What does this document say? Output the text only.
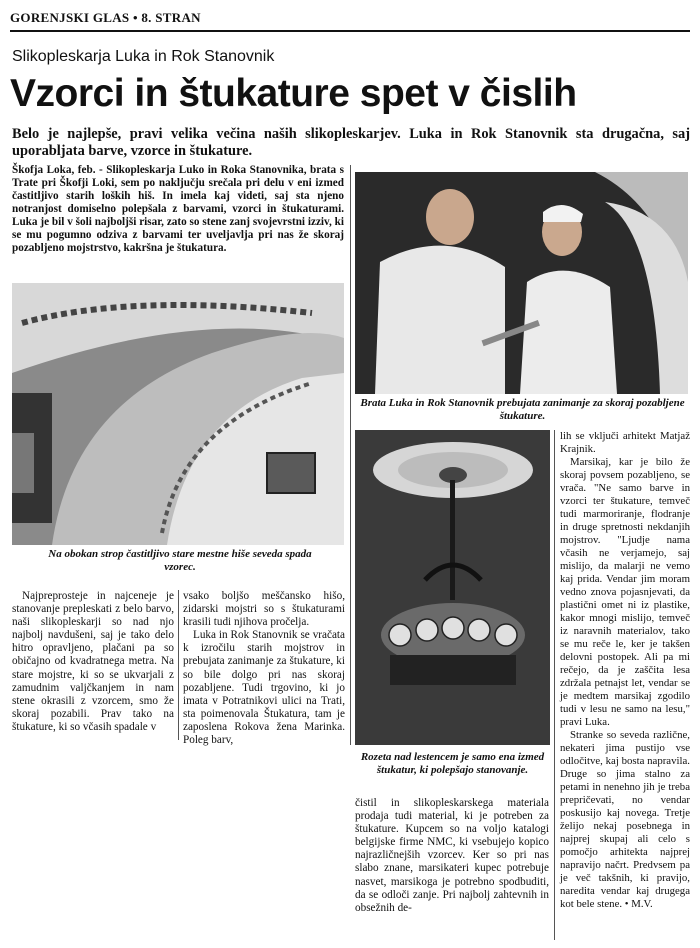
GORENJSKI GLAS • 8. STRAN
Slikopleskarja Luka in Rok Stanovnik
Vzorci in štukature spet v čislih
Belo je najlepše, pravi velika večina naših slikopleskarjev. Luka in Rok Stanovnik sta drugačna, saj uporabljata barve, vzorce in štukature.
Škofja Loka, feb. - Slikopleskarja Luko in Roka Stanovnika, brata s Trate pri Škofji Loki, sem po naključju srečala pri delu v eni izmed častitljivo starih loških hiš. In imela kaj videti, saj sta njeno notranjost domiselno polepšala z barvami, vzorci in štukaturami. Luka je bil v šoli najboljši risar, zato so stene zanj svojevrstni izziv, ki se mu pogumno odziva z barvami ter uveljavlja pri nas že skoraj pozabljeno mojstrstvo, kakršna je štukatura.
Na obokan strop častitljivo stare mestne hiše seveda spada vzorec.
Brata Luka in Rok Stanovnik prebujata zanimanje za skoraj pozabljene štukature.
Rozeta nad lestencem je samo ena izmed štukatur, ki polepšajo stanovanje.

Najpreprosteje in najceneje je stanovanje prepleskati z belo barvo, naši slikopleskarji so nad njo najbolj navdušeni, saj je tako delo hitro opravljeno, plačani pa so običajno od kvadratnega metra. Na stare mojstre, ki so se ukvarjali z zamudnim valjčkanjem in nam stene okrasili z vzorcem, smo že skoraj pozabili. Prav tako na štukature, ki so včasih spadale v

vsako boljšo meščansko hišo, zidarski mojstri so s štukaturami krasili tudi njihova pročelja.

Luka in Rok Stanovnik se vračata k izročilu starih mojstrov in prebujata zanimanje za štukature, ki so bile dolgo pri nas skoraj pozabljene. Tudi trgovino, ki jo imata v Potratnikovi ulici na Trati, sta poimenovala Štukatura, tam je zaposlena Rokova žena Marinka. Poleg barv,

čistil in slikopleskarskega materiala prodaja tudi material, ki je potreben za štukature. Kupcem so na voljo katalogi belgijske firme NMC, ki vsebujejo kopico najrazličnejših vzorcev. Ker so pri nas slabo znane, marsikateri kupec potrebuje nasvet, marsikoga je potrebno spodbuditi, da se odloči zanje. Pri najbolj zahtevnih in obsežnih de-

lih se vključi arhitekt Matjaž Krajnik.

Marsikaj, kar je bilo že skoraj povsem pozabljeno, se vrača. "Ne samo barve in vzorci ter štukature, temveč tudi marmoriranje, flodranje in druge spretnosti nekdanjih mojstrov. "Ljudje nama včasih ne verjamejo, saj mislijo, da malarji ne vemo kaj prida. Vendar jim moram vedno znova pojasnjevati, da plastični omet ni iz plastike, kakor mnogi mislijo, temveč iz naravnih materialov, tako se mu reče le, ker je takšen delovni postopek. Ali pa mi rečejo, da je zaščita lesa zdržala petnajst let, vendar se je medtem marsikaj zgodilo tudi v lesu ne samo na lesu," pravi Luka.

Stranke so seveda različne, nekateri jima pustijo vse odločitve, kaj bosta napravila. Druge so jima stalno za petami in nenehno jih je treba prepričevati, no vendar poskusijo kaj novega. Tretje želijo nekaj posebnega in najprej skupaj ali celo s pomočjo arhitekta najprej napravijo načrt. Predvsem pa je več takšnih, ki pravijo, naredita vendar kaj drugega kot bele stene. • M.V.
